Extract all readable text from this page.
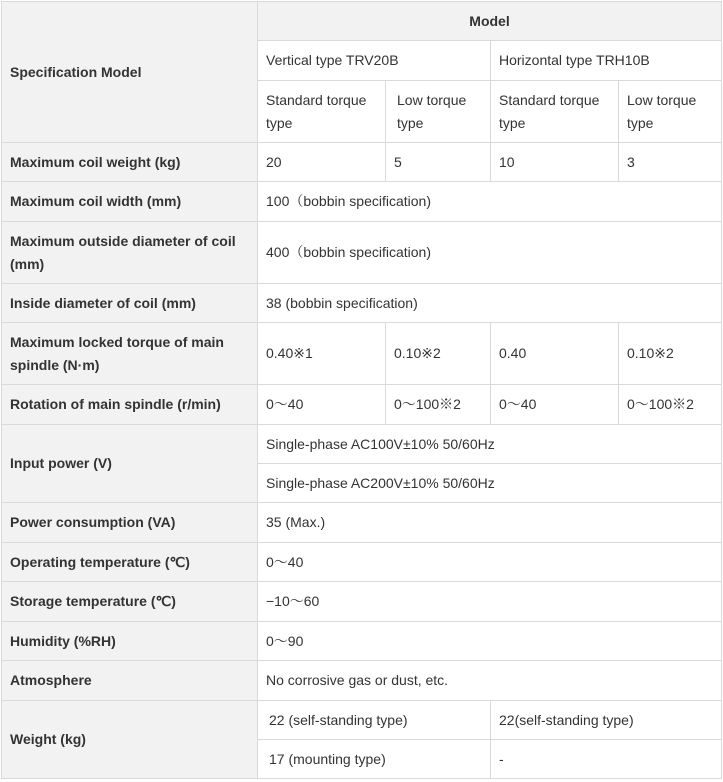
Specification Model	Model			
	Vertical type TRV20B		Horizontal type TRH10B	
	Standard torque type	Low torque type	Standard torque type	Low torque type
Maximum coil weight (kg)	20	5	10	3
Maximum coil width (mm)	100（bobbin specification)			
Maximum outside diameter of coil (mm)	400（bobbin specification)			
Inside diameter of coil (mm)	38 (bobbin specification)			
Maximum locked torque of main spindle (N·m)	0.40※1	0.10※2	0.40	0.10※2
Rotation of main spindle (r/min)	0～40	0～100※2	0～40	0～100※2
Input power (V)	Single-phase AC100V±10% 50/60Hz			
	Single-phase AC200V±10% 50/60Hz			
Power consumption (VA)	35 (Max.)			
Operating temperature (℃)	0～40			
Storage temperature (℃)	−10～60			
Humidity (%RH)	0～90			
Atmosphere	No corrosive gas or dust, etc.			
Weight (kg)	22 (self-standing type)		22(self-standing type)	
	17 (mounting type)		-	
